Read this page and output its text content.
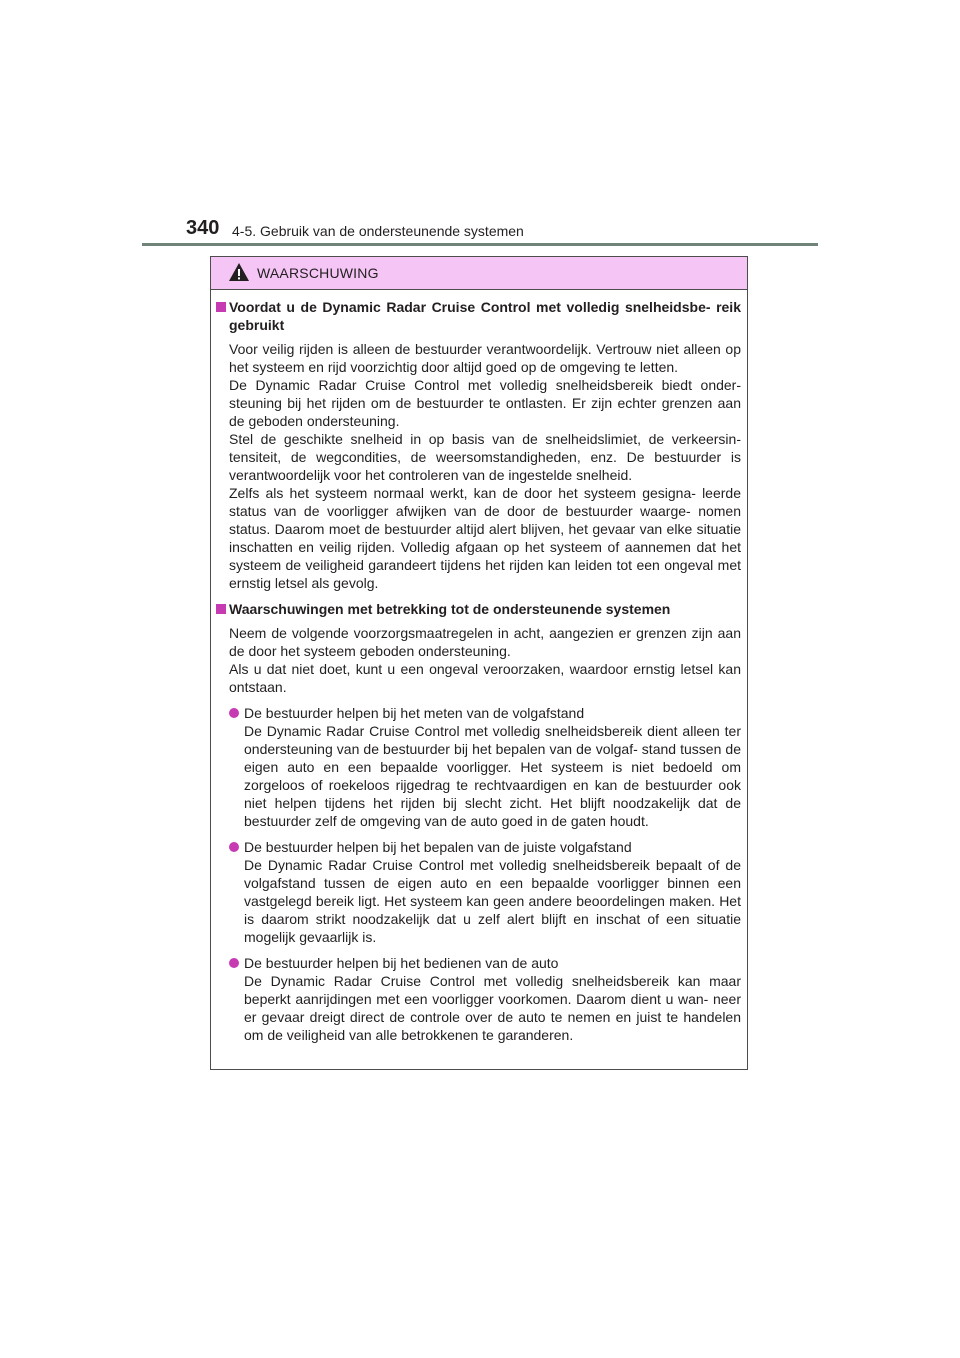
340 4-5. Gebruik van de ondersteunende systemen
WAARSCHUWING
Voordat u de Dynamic Radar Cruise Control met volledig snelheidsbe- reik gebruikt

Voor veilig rijden is alleen de bestuurder verantwoordelijk. Vertrouw niet alleen op het systeem en rijd voorzichtig door altijd goed op de omgeving te letten.

De Dynamic Radar Cruise Control met volledig snelheidsbereik biedt onder- steuning bij het rijden om de bestuurder te ontlasten. Er zijn echter grenzen aan de geboden ondersteuning.

Stel de geschikte snelheid in op basis van de snelheidslimiet, de verkeersin- tensiteit, de wegcondities, de weersomstandigheden, enz. De bestuurder is verantwoordelijk voor het controleren van de ingestelde snelheid.

Zelfs als het systeem normaal werkt, kan de door het systeem gesigna- leerde status van de voorligger afwijken van de door de bestuurder waarge- nomen status. Daarom moet de bestuurder altijd alert blijven, het gevaar van elke situatie inschatten en veilig rijden. Volledig afgaan op het systeem of aannemen dat het systeem de veiligheid garandeert tijdens het rijden kan leiden tot een ongeval met ernstig letsel als gevolg.

Waarschuwingen met betrekking tot de ondersteunende systemen

Neem de volgende voorzorgsmaatregelen in acht, aangezien er grenzen zijn aan de door het systeem geboden ondersteuning.

Als u dat niet doet, kunt u een ongeval veroorzaken, waardoor ernstig letsel kan ontstaan.

De bestuurder helpen bij het meten van de volgafstand

De Dynamic Radar Cruise Control met volledig snelheidsbereik dient alleen ter ondersteuning van de bestuurder bij het bepalen van de volgaf- stand tussen de eigen auto en een bepaalde voorligger. Het systeem is niet bedoeld om zorgeloos of roekeloos rijgedrag te rechtvaardigen en kan de bestuurder ook niet helpen tijdens het rijden bij slecht zicht. Het blijft noodzakelijk dat de bestuurder zelf de omgeving van de auto goed in de gaten houdt.

De bestuurder helpen bij het bepalen van de juiste volgafstand

De Dynamic Radar Cruise Control met volledig snelheidsbereik bepaalt of de volgafstand tussen de eigen auto en een bepaalde voorligger binnen een vastgelegd bereik ligt. Het systeem kan geen andere beoordelingen maken. Het is daarom strikt noodzakelijk dat u zelf alert blijft en inschat of een situatie mogelijk gevaarlijk is.

De bestuurder helpen bij het bedienen van de auto

De Dynamic Radar Cruise Control met volledig snelheidsbereik kan maar beperkt aanrijdingen met een voorligger voorkomen. Daarom dient u wan- neer er gevaar dreigt direct de controle over de auto te nemen en juist te handelen om de veiligheid van alle betrokkenen te garanderen.
